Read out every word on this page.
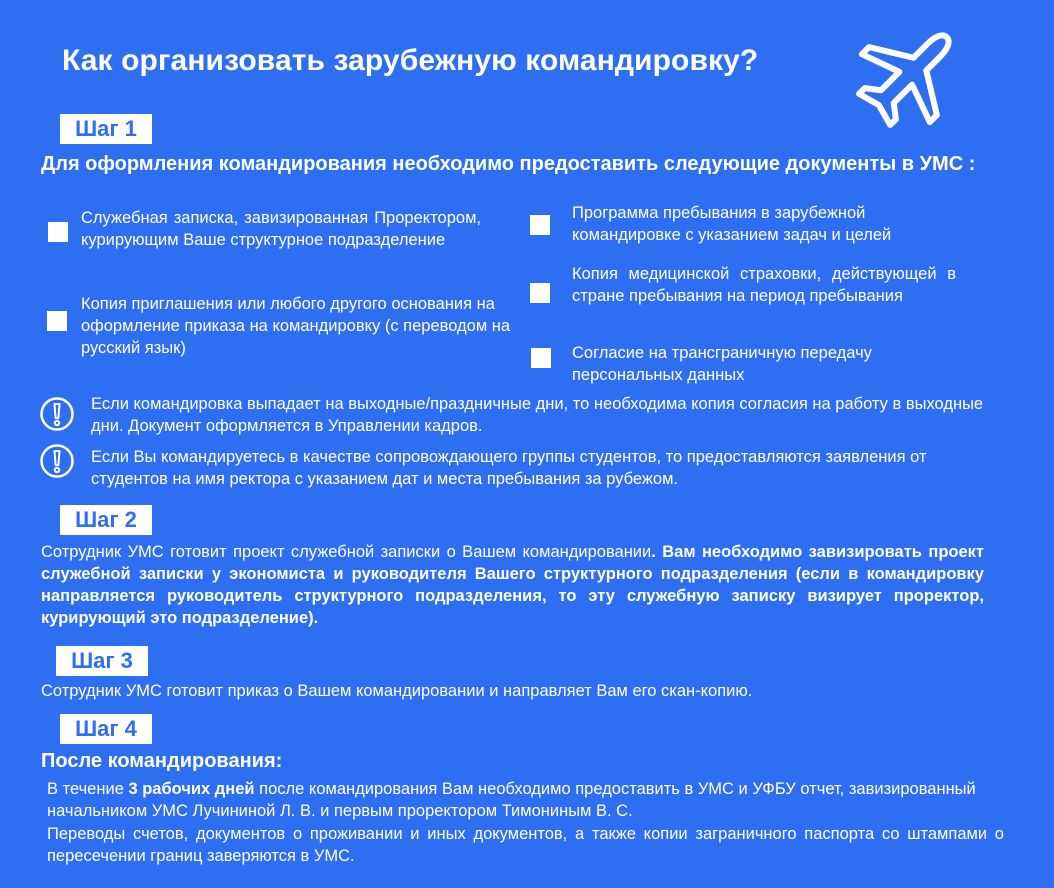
Как организовать зарубежную командировку?
Шаг 1
Для оформления командирования необходимо предоставить следующие документы в УМС :
Служебная записка, завизированная Проректором, курирующим Ваше структурное подразделение
Копия приглашения или любого другого основания на оформление приказа на командировку (с переводом на русский язык)
Программа пребывания в зарубежной командировке с указанием задач и целей
Копия медицинской страховки, действующей в стране пребывания на период пребывания
Согласие на трансграничную передачу персональных данных
Если командировка выпадает на выходные/праздничные дни, то необходима копия согласия на работу в выходные дни. Документ оформляется в Управлении кадров.
Если Вы командируетесь в качестве сопровождающего группы студентов, то предоставляются заявления от студентов на имя ректора с указанием дат и места пребывания за рубежом.
Шаг 2
Сотрудник УМС готовит проект служебной записки о Вашем командировании. Вам необходимо завизировать проект служебной записки у экономиста и руководителя Вашего структурного подразделения (если в командировку направляется руководитель структурного подразделения, то эту служебную записку визирует проректор, курирующий это подразделение).
Шаг 3
Сотрудник УМС готовит приказ о Вашем командировании и направляет Вам его скан-копию.
Шаг 4
После командирования:
В течение 3 рабочих дней после командирования Вам необходимо предоставить в УМС и УФБУ отчет, завизированный начальником УМС Лучининой Л. В. и первым проректором Тимониным В. С.
Переводы счетов, документов о проживании и иных документов, а также копии заграничного паспорта со штампами о пересечении границ заверяются в УМС.
